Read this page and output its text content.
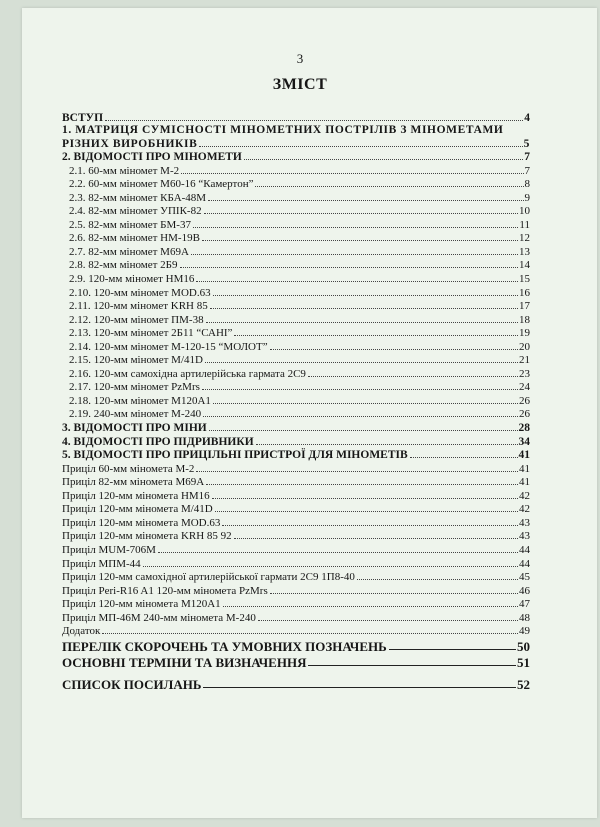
3
ЗМІСТ
ВСТУП	4
1. МАТРИЦЯ СУМІСНОСТІ МІНОМЕТНИХ ПОСТРІЛІВ З МІНОМЕТАМИ
РІЗНИХ ВИРОБНИКІВ	5
2. ВІДОМОСТІ ПРО МІНОМЕТИ	7
2.1. 60-мм міномет М-2	7
2.2. 60-мм міномет М60-16 “Камертон”	8
2.3. 82-мм міномет КБА-48М	9
2.4. 82-мм міномет УПІК-82	10
2.5. 82-мм міномет БМ-37	11
2.6. 82-мм міномет НМ-19В	12
2.7. 82-мм міномет М69А	13
2.8. 82-мм міномет 2Б9	14
2.9. 120-мм міномет НМ16	15
2.10. 120-мм міномет MOD.63	16
2.11. 120-мм міномет KRH 85	17
2.12. 120-мм міномет ПМ-38	18
2.13. 120-мм міномет 2Б11 “САНІ”	19
2.14. 120-мм міномет М-120-15 “МОЛОТ”	20
2.15. 120-мм міномет М/41D	21
2.16. 120-мм самохідна артилерійська гармата 2С9	23
2.17. 120-мм міномет PzMrs	24
2.18. 120-мм міномет M120A1	26
2.19. 240-мм міномет М-240	26
3. ВІДОМОСТІ ПРО МІНИ	28
4. ВІДОМОСТІ ПРО ПІДРИВНИКИ	34
5. ВІДОМОСТІ ПРО ПРИЦІЛЬНІ ПРИСТРОЇ ДЛЯ МІНОМЕТІВ	41
Приціл 60-мм міномета М-2	41
Приціл 82-мм міномета М69А	41
Приціл 120-мм міномета НМ16	42
Приціл 120-мм міномета М/41D	42
Приціл 120-мм міномета MOD.63	43
Приціл 120-мм міномета KRH 85 92	43
Приціл MUM-706M	44
Приціл МПМ-44	44
Приціл 120-мм самохідної артилерійської гармати 2С9 1П8-40	45
Приціл Peri-R16 A1 120-мм міномета PzMrs	46
Приціл 120-мм міномета M120A1	47
Приціл МП-46М 240-мм міномета М-240	48
Додаток	49
ПЕРЕЛІК СКОРОЧЕНЬ ТА УМОВНИХ ПОЗНАЧЕНЬ	50
ОСНОВНІ ТЕРМІНИ ТА ВИЗНАЧЕННЯ	51
СПИСОК ПОСИЛАНЬ	52
